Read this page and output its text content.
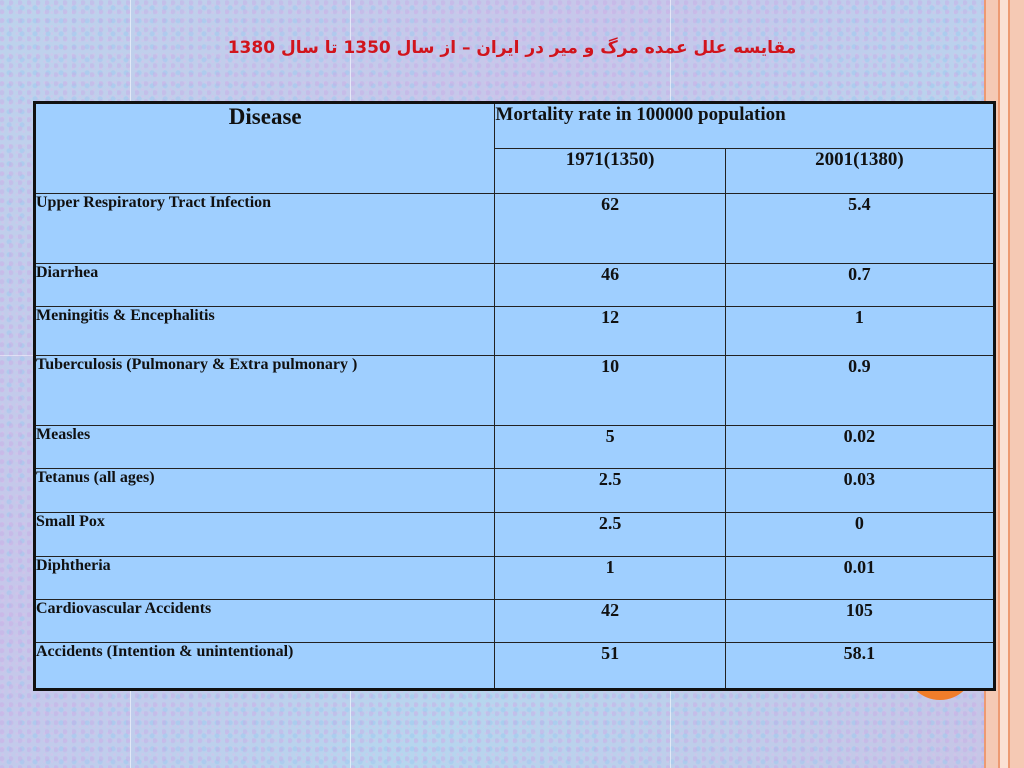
مقایسه علل عمده مرگ و میر در ایران – از سال 1350 تا سال 1380
Disease	Mortality rate in 100000 population	
	1971(1350)	2001(1380)
Upper Respiratory Tract Infection	62	5.4
Diarrhea	46	0.7
Meningitis & Encephalitis	12	1
Tuberculosis (Pulmonary & Extra pulmonary )	10	0.9
Measles	5	0.02
Tetanus (all ages)	2.5	0.03
Small Pox	2.5	0
Diphtheria	1	0.01
Cardiovascular Accidents	42	105
Accidents (Intention & unintentional)	51	58.1
